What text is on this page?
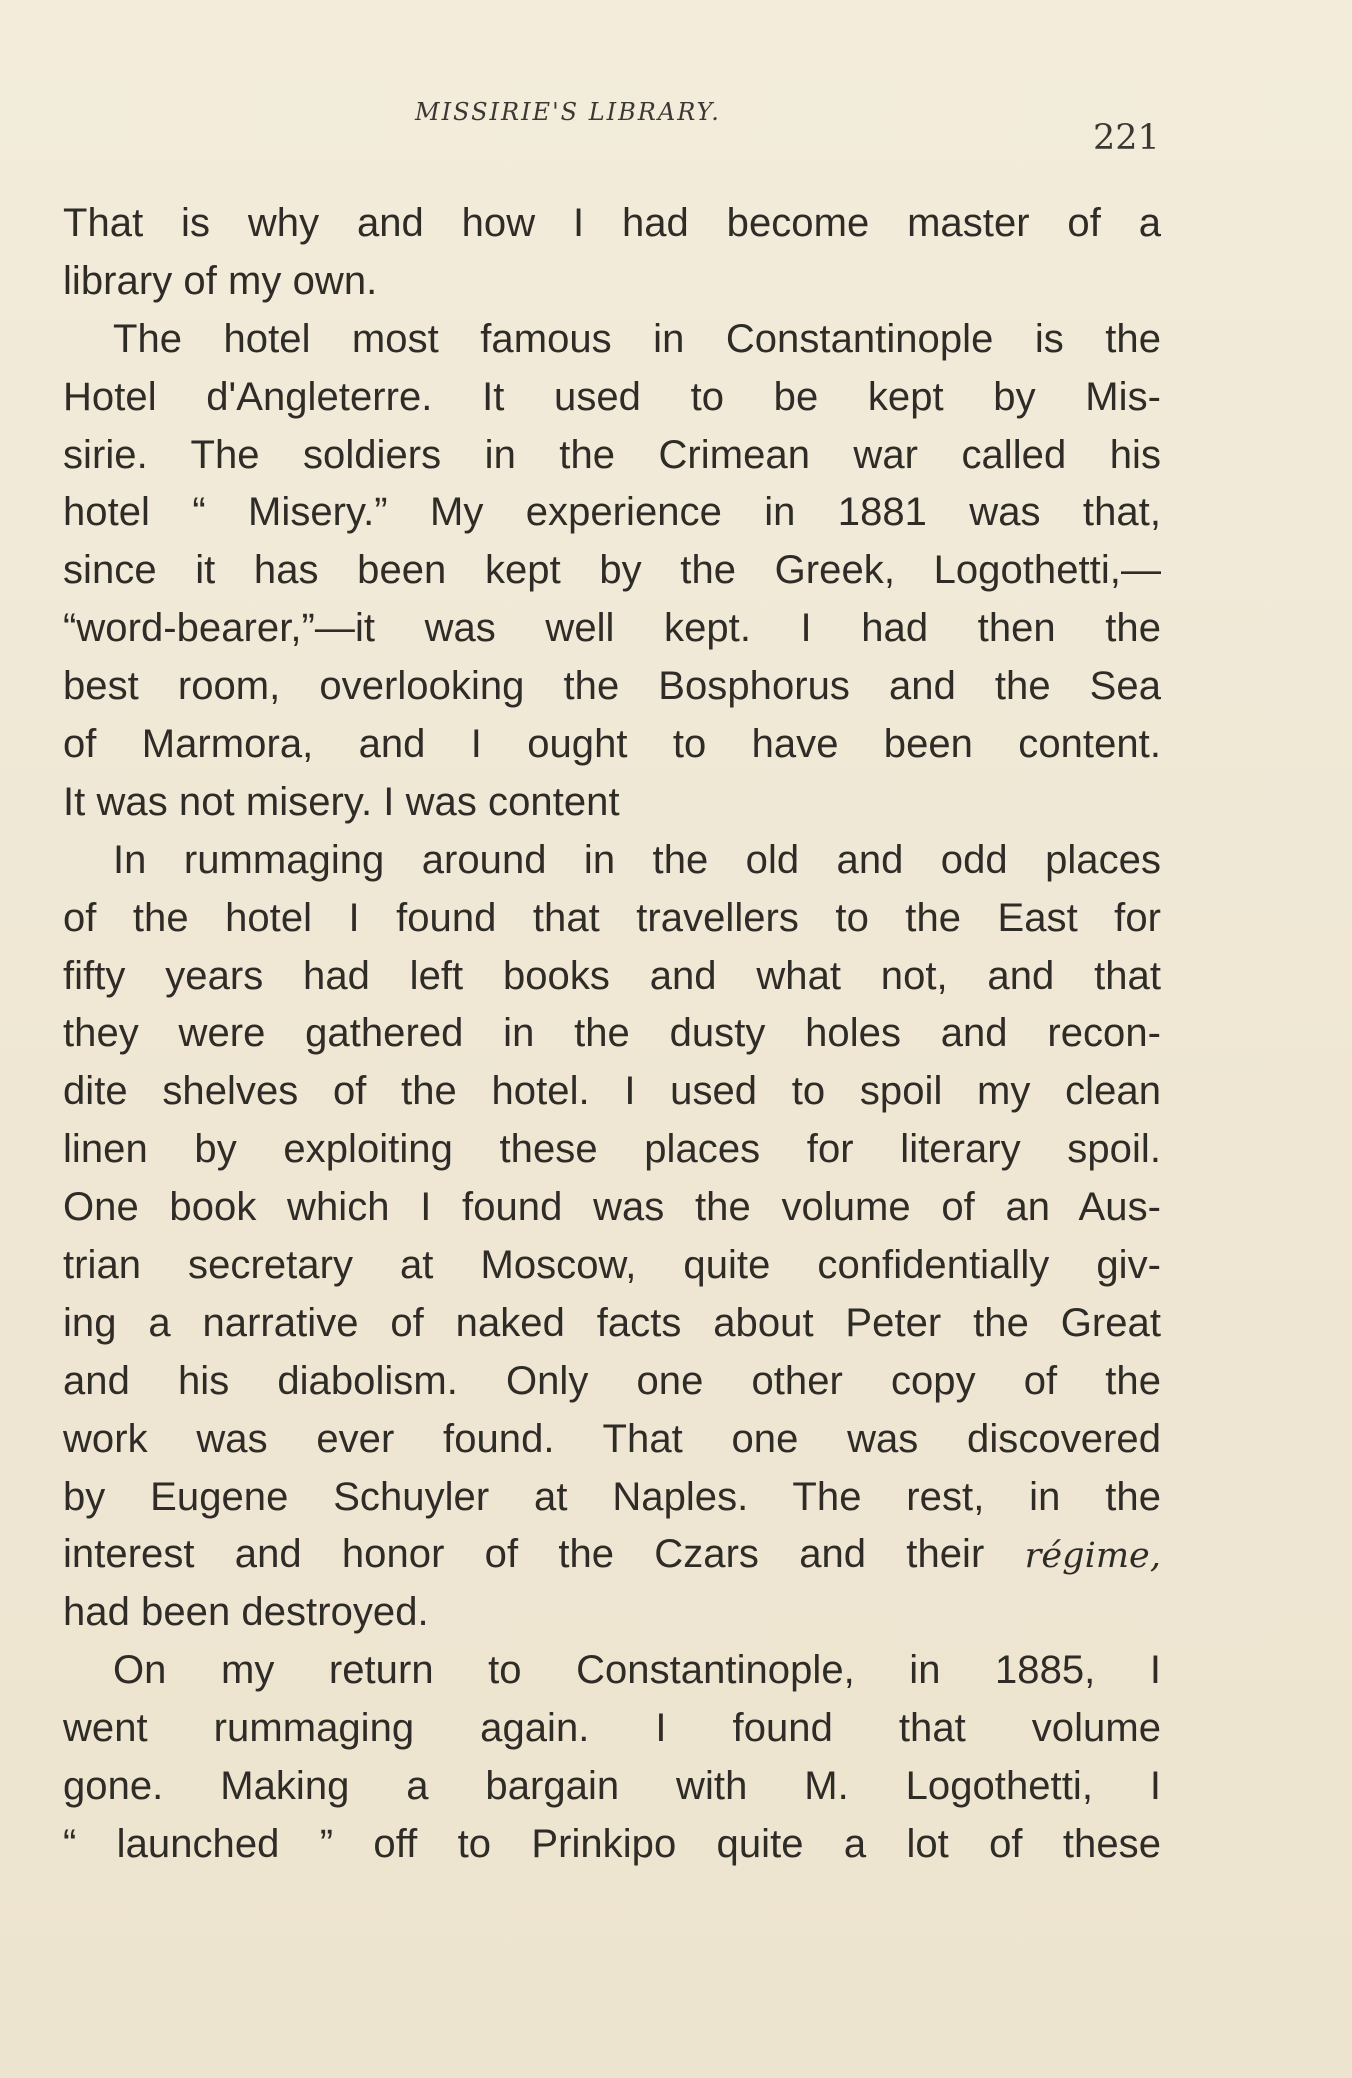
MISSIRIE'S LIBRARY.
221
That is why and how I had become master of a
library of my own.
The hotel most famous in Constantinople is the
Hotel d'Angleterre. It used to be kept by Mis-
sirie. The soldiers in the Crimean war called his
hotel “ Misery.” My experience in 1881 was that,
since it has been kept by the Greek, Logothetti,—
“word-bearer,”—it was well kept. I had then the
best room, overlooking the Bosphorus and the Sea
of Marmora, and I ought to have been content.
It was not misery. I was content
In rummaging around in the old and odd places
of the hotel I found that travellers to the East for
fifty years had left books and what not, and that
they were gathered in the dusty holes and recon-
dite shelves of the hotel. I used to spoil my clean
linen by exploiting these places for literary spoil.
One book which I found was the volume of an Aus-
trian secretary at Moscow, quite confidentially giv-
ing a narrative of naked facts about Peter the Great
and his diabolism. Only one other copy of the
work was ever found. That one was discovered
by Eugene Schuyler at Naples. The rest, in the
interest and honor of the Czars and their régime,
had been destroyed.
On my return to Constantinople, in 1885, I
went rummaging again. I found that volume
gone. Making a bargain with M. Logothetti, I
“ launched ” off to Prinkipo quite a lot of these
